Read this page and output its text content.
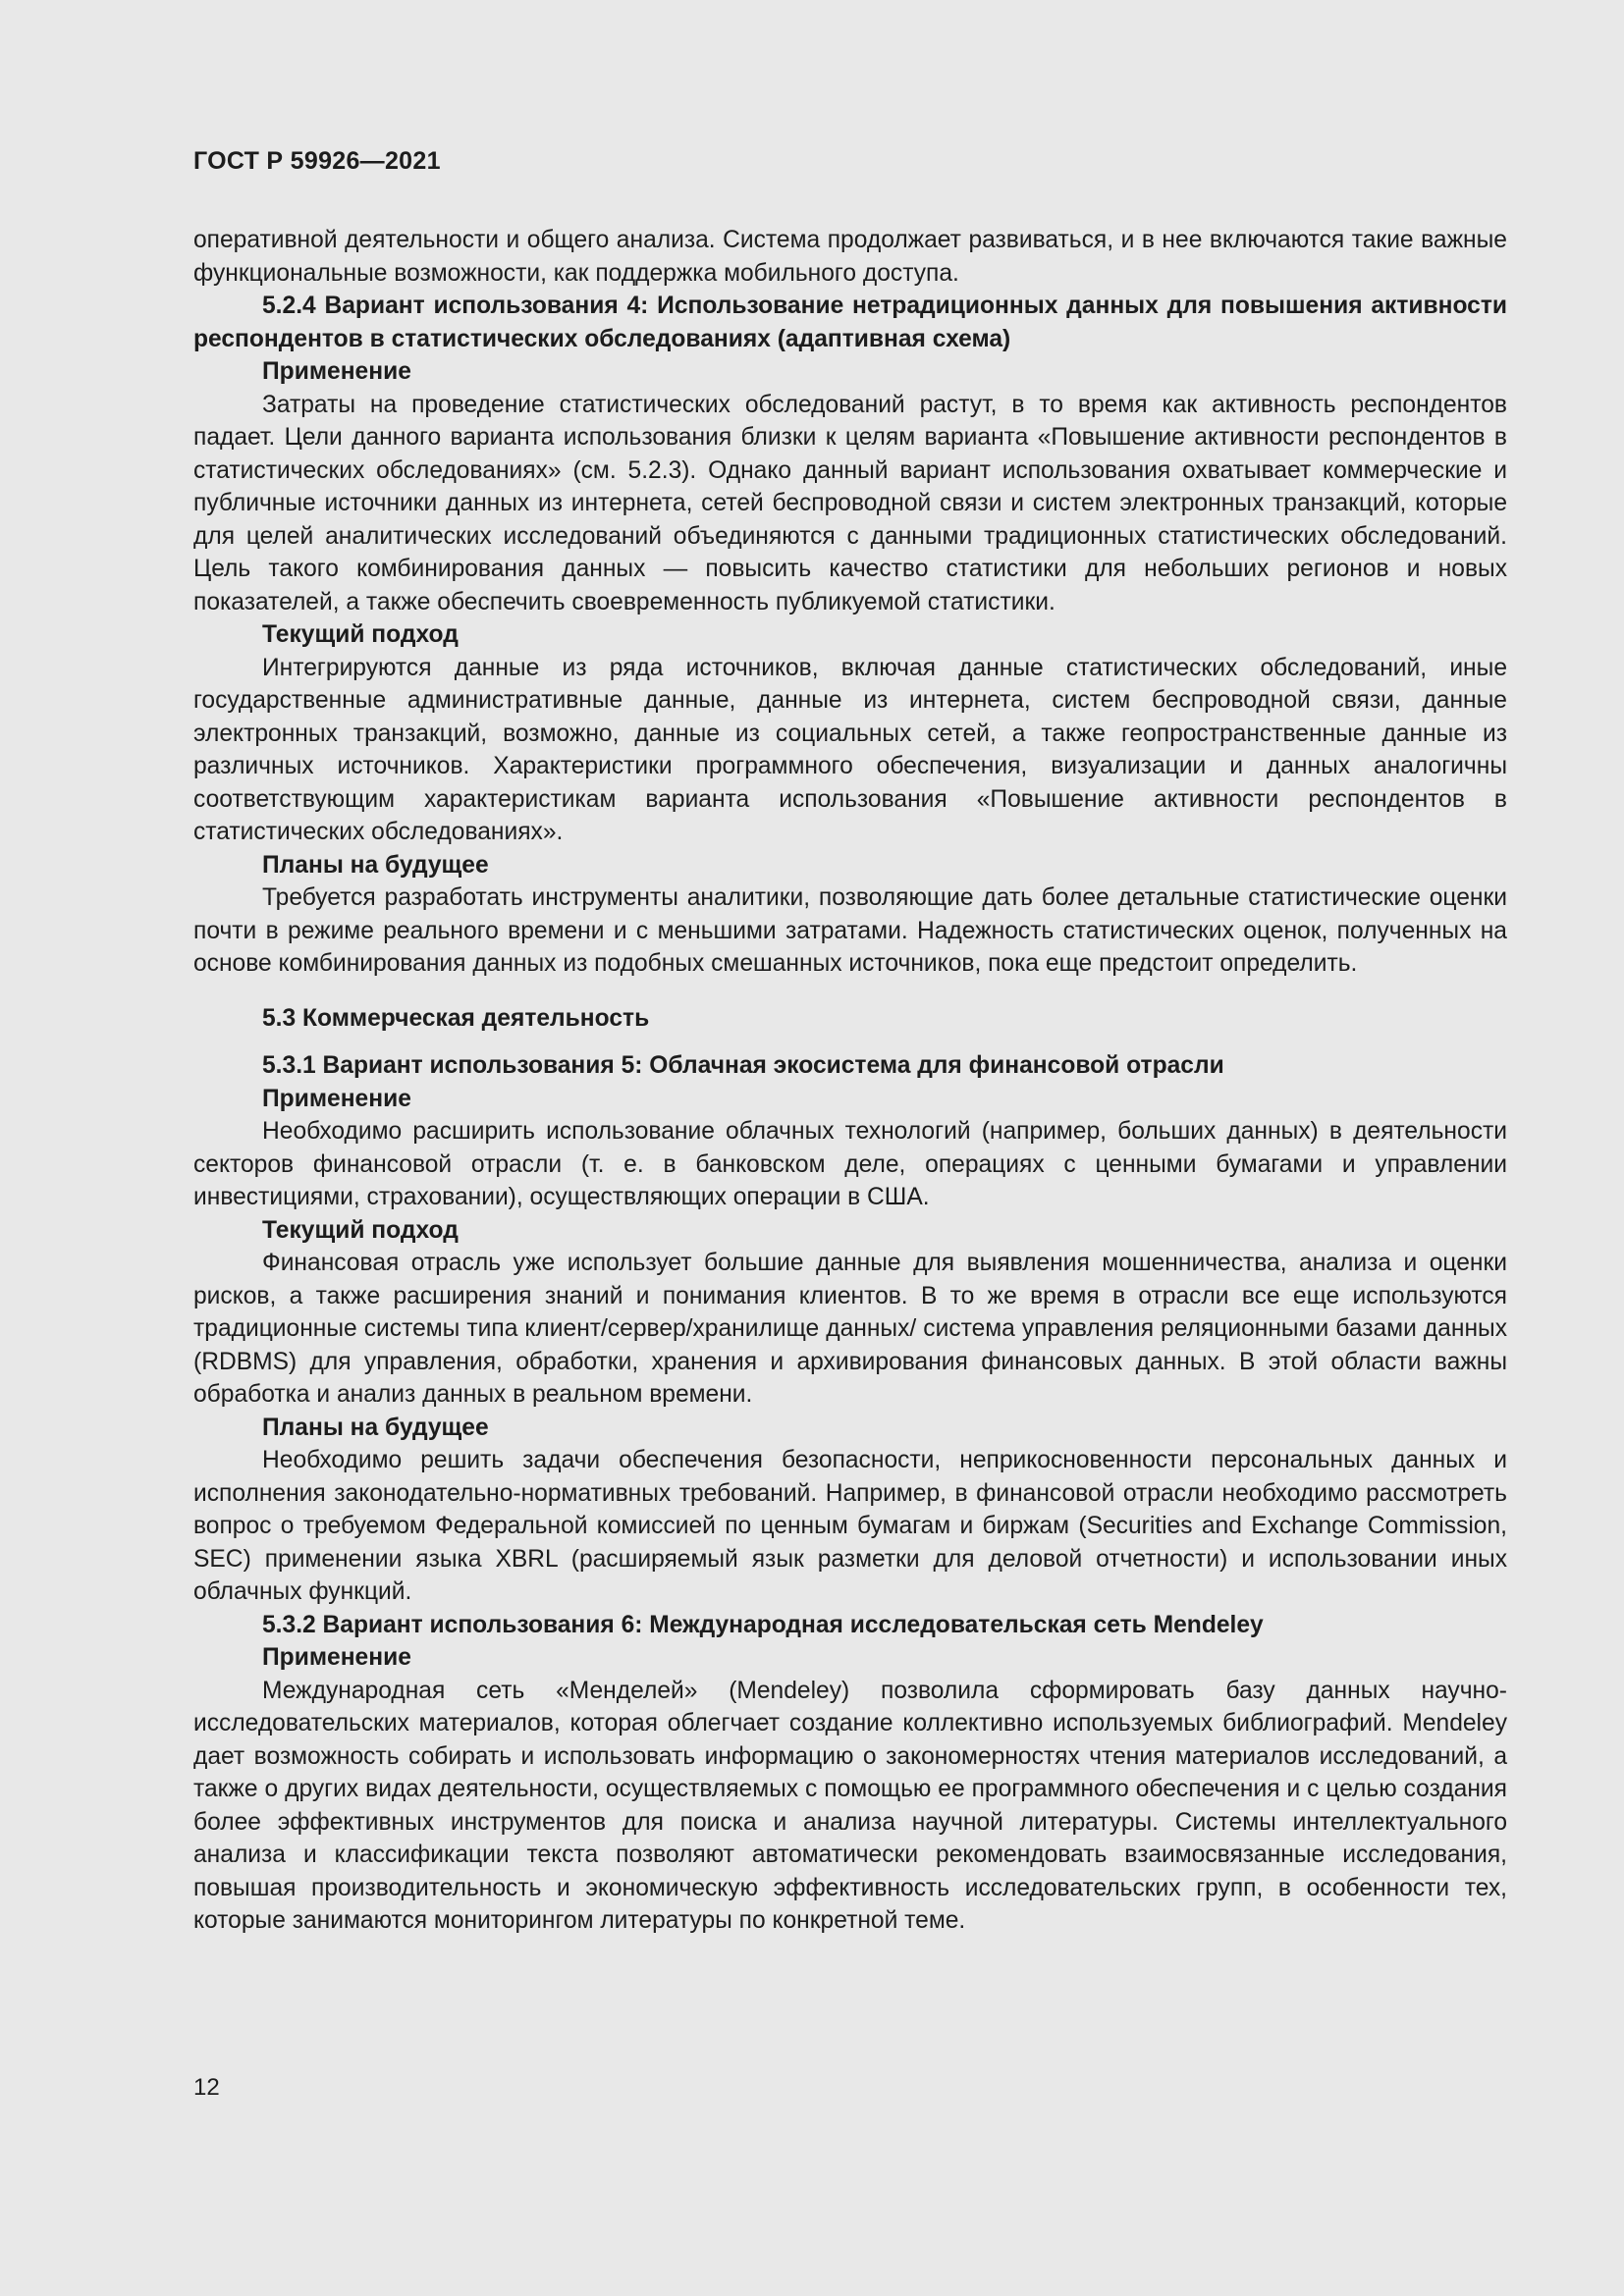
ГОСТ Р 59926—2021

оперативной деятельности и общего анализа. Система продолжает развиваться, и в нее включаются такие важные функциональные возможности, как поддержка мобильного доступа.

5.2.4 Вариант использования 4: Использование нетрадиционных данных для повышения активности респондентов в статистических обследованиях (адаптивная схема)

Применение

Затраты на проведение статистических обследований растут, в то время как активность респондентов падает. Цели данного варианта использования близки к целям варианта «Повышение активности респондентов в статистических обследованиях» (см. 5.2.3). Однако данный вариант использования охватывает коммерческие и публичные источники данных из интернета, сетей беспроводной связи и систем электронных транзакций, которые для целей аналитических исследований объединяются с данными традиционных статистических обследований. Цель такого комбинирования данных — повысить качество статистики для небольших регионов и новых показателей, а также обеспечить своевременность публикуемой статистики.

Текущий подход

Интегрируются данные из ряда источников, включая данные статистических обследований, иные государственные административные данные, данные из интернета, систем беспроводной связи, данные электронных транзакций, возможно, данные из социальных сетей, а также геопространственные данные из различных источников. Характеристики программного обеспечения, визуализации и данных аналогичны соответствующим характеристикам варианта использования «Повышение активности респондентов в статистических обследованиях».

Планы на будущее

Требуется разработать инструменты аналитики, позволяющие дать более детальные статистические оценки почти в режиме реального времени и с меньшими затратами. Надежность статистических оценок, полученных на основе комбинирования данных из подобных смешанных источников, пока еще предстоит определить.

5.3 Коммерческая деятельность

5.3.1 Вариант использования 5: Облачная экосистема для финансовой отрасли

Применение

Необходимо расширить использование облачных технологий (например, больших данных) в деятельности секторов финансовой отрасли (т. е. в банковском деле, операциях с ценными бумагами и управлении инвестициями, страховании), осуществляющих операции в США.

Текущий подход

Финансовая отрасль уже использует большие данные для выявления мошенничества, анализа и оценки рисков, а также расширения знаний и понимания клиентов. В то же время в отрасли все еще используются традиционные системы типа клиент/сервер/хранилище данных/ система управления реляционными базами данных (RDBMS) для управления, обработки, хранения и архивирования финансовых данных. В этой области важны обработка и анализ данных в реальном времени.

Планы на будущее

Необходимо решить задачи обеспечения безопасности, неприкосновенности персональных данных и исполнения законодательно-нормативных требований. Например, в финансовой отрасли необходимо рассмотреть вопрос о требуемом Федеральной комиссией по ценным бумагам и биржам (Securities and Exchange Commission, SEC) применении языка XBRL (расширяемый язык разметки для деловой отчетности) и использовании иных облачных функций.

5.3.2 Вариант использования 6: Международная исследовательская сеть Mendeley

Применение

Международная сеть «Менделей» (Mendeley) позволила сформировать базу данных научно-исследовательских материалов, которая облегчает создание коллективно используемых библиографий. Mendeley дает возможность собирать и использовать информацию о закономерностях чтения материалов исследований, а также о других видах деятельности, осуществляемых с помощью ее программного обеспечения и с целью создания более эффективных инструментов для поиска и анализа научной литературы. Системы интеллектуального анализа и классификации текста позволяют автоматически рекомендовать взаимосвязанные исследования, повышая производительность и экономическую эффективность исследовательских групп, в особенности тех, которые занимаются мониторингом литературы по конкретной теме.

12
